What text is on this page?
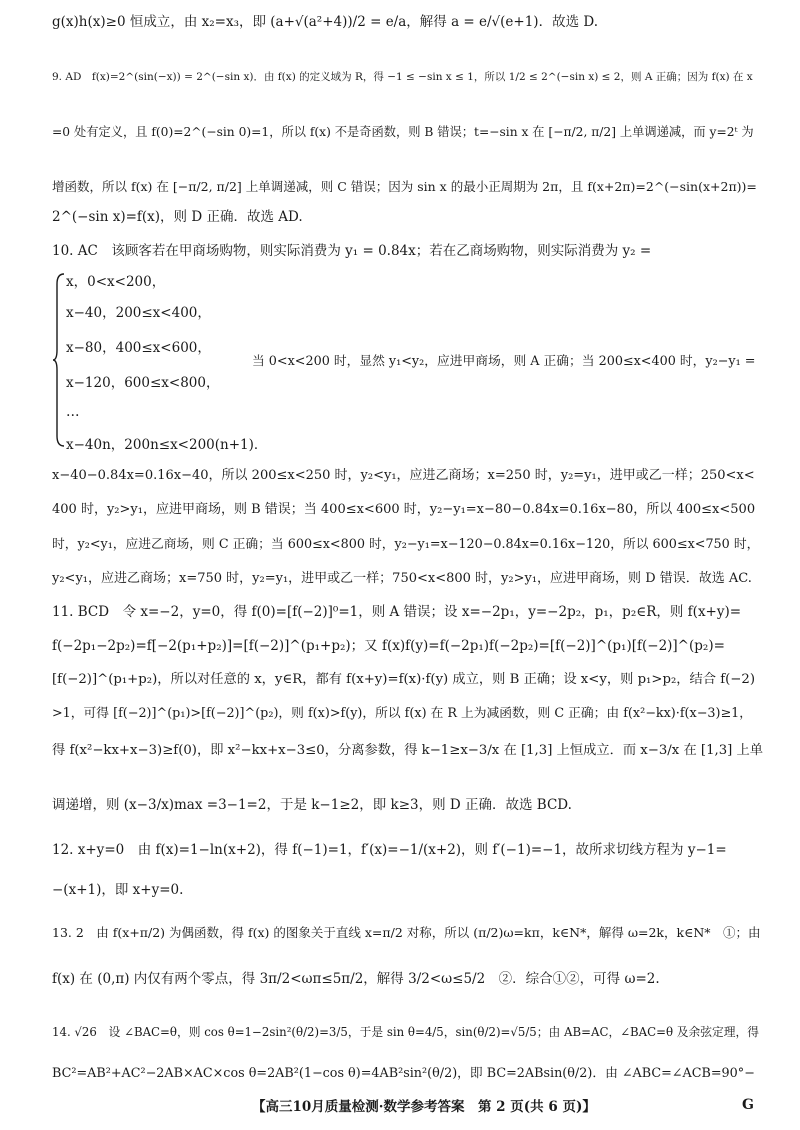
g(x)h(x)≥0 恒成立，由 x₂=x₃，即 (a+√(a²+4))/2 = e/a，解得 a = e/√(e+1)．故选 D.
9. AD　f(x)=2^(sin(−x)) = 2^(−sin x)．由 f(x) 的定义域为 R，得 −1 ≤ −sin x ≤ 1，所以 1/2 ≤ 2^(−sin x) ≤ 2，则 A 正确；因为 f(x) 在 x
=0 处有定义，且 f(0)=2^(−sin 0)=1，所以 f(x) 不是奇函数，则 B 错误；t=−sin x 在 [−π/2, π/2] 上单调递减，而 y=2ᵗ 为
增函数，所以 f(x) 在 [−π/2, π/2] 上单调递减，则 C 错误；因为 sin x 的最小正周期为 2π，且 f(x+2π)=2^(−sin(x+2π))=
2^(−sin x)=f(x)，则 D 正确．故选 AD.
10. AC　该顾客若在甲商场购物，则实际消费为 y₁ = 0.84x；若在乙商场购物，则实际消费为 y₂ =
x，0<x<200，
x−40，200≤x<400，
x−80，400≤x<600，
x−120，600≤x<800，
…
x−40n，200n≤x<200(n+1)．
当 0<x<200 时，显然 y₁<y₂，应进甲商场，则 A 正确；当 200≤x<400 时，y₂−y₁ =
x−40−0.84x=0.16x−40，所以 200≤x<250 时，y₂<y₁，应进乙商场；x=250 时，y₂=y₁，进甲或乙一样；250<x<
400 时，y₂>y₁，应进甲商场，则 B 错误；当 400≤x<600 时，y₂−y₁=x−80−0.84x=0.16x−80，所以 400≤x<500
时，y₂<y₁，应进乙商场，则 C 正确；当 600≤x<800 时，y₂−y₁=x−120−0.84x=0.16x−120，所以 600≤x<750 时，
y₂<y₁，应进乙商场；x=750 时，y₂=y₁，进甲或乙一样；750<x<800 时，y₂>y₁，应进甲商场，则 D 错误．故选 AC.
11. BCD　令 x=−2，y=0，得 f(0)=[f(−2)]⁰=1，则 A 错误；设 x=−2p₁，y=−2p₂，p₁，p₂∈R，则 f(x+y)=
f(−2p₁−2p₂)=f[−2(p₁+p₂)]=[f(−2)]^(p₁+p₂)；又 f(x)f(y)=f(−2p₁)f(−2p₂)=[f(−2)]^(p₁)[f(−2)]^(p₂)=
[f(−2)]^(p₁+p₂)，所以对任意的 x，y∈R，都有 f(x+y)=f(x)·f(y) 成立，则 B 正确；设 x<y，则 p₁>p₂，结合 f(−2)
>1，可得 [f(−2)]^(p₁)>[f(−2)]^(p₂)，则 f(x)>f(y)，所以 f(x) 在 R 上为减函数，则 C 正确；由 f(x²−kx)·f(x−3)≥1，
得 f(x²−kx+x−3)≥f(0)，即 x²−kx+x−3≤0，分离参数，得 k−1≥x−3/x 在 [1,3] 上恒成立．而 x−3/x 在 [1,3] 上单
调递增，则 (x−3/x)max =3−1=2，于是 k−1≥2，即 k≥3，则 D 正确．故选 BCD.
12. x+y=0　由 f(x)=1−ln(x+2)，得 f(−1)=1，f′(x)=−1/(x+2)，则 f′(−1)=−1，故所求切线方程为 y−1=
−(x+1)，即 x+y=0.
13. 2　由 f(x+π/2) 为偶函数，得 f(x) 的图象关于直线 x=π/2 对称，所以 (π/2)ω=kπ，k∈N*，解得 ω=2k，k∈N*　①；由
f(x) 在 (0,π) 内仅有两个零点，得 3π/2<ωπ≤5π/2，解得 3/2<ω≤5/2　②．综合①②，可得 ω=2.
14. √26　设 ∠BAC=θ，则 cos θ=1−2sin²(θ/2)=3/5，于是 sin θ=4/5，sin(θ/2)=√5/5；由 AB=AC，∠BAC=θ 及余弦定理，得
BC²=AB²+AC²−2AB×AC×cos θ=2AB²(1−cos θ)=4AB²sin²(θ/2)，即 BC=2ABsin(θ/2)．由 ∠ABC=∠ACB=90°−
【高三10月质量检测·数学参考答案　第 2 页(共 6 页)】	G
